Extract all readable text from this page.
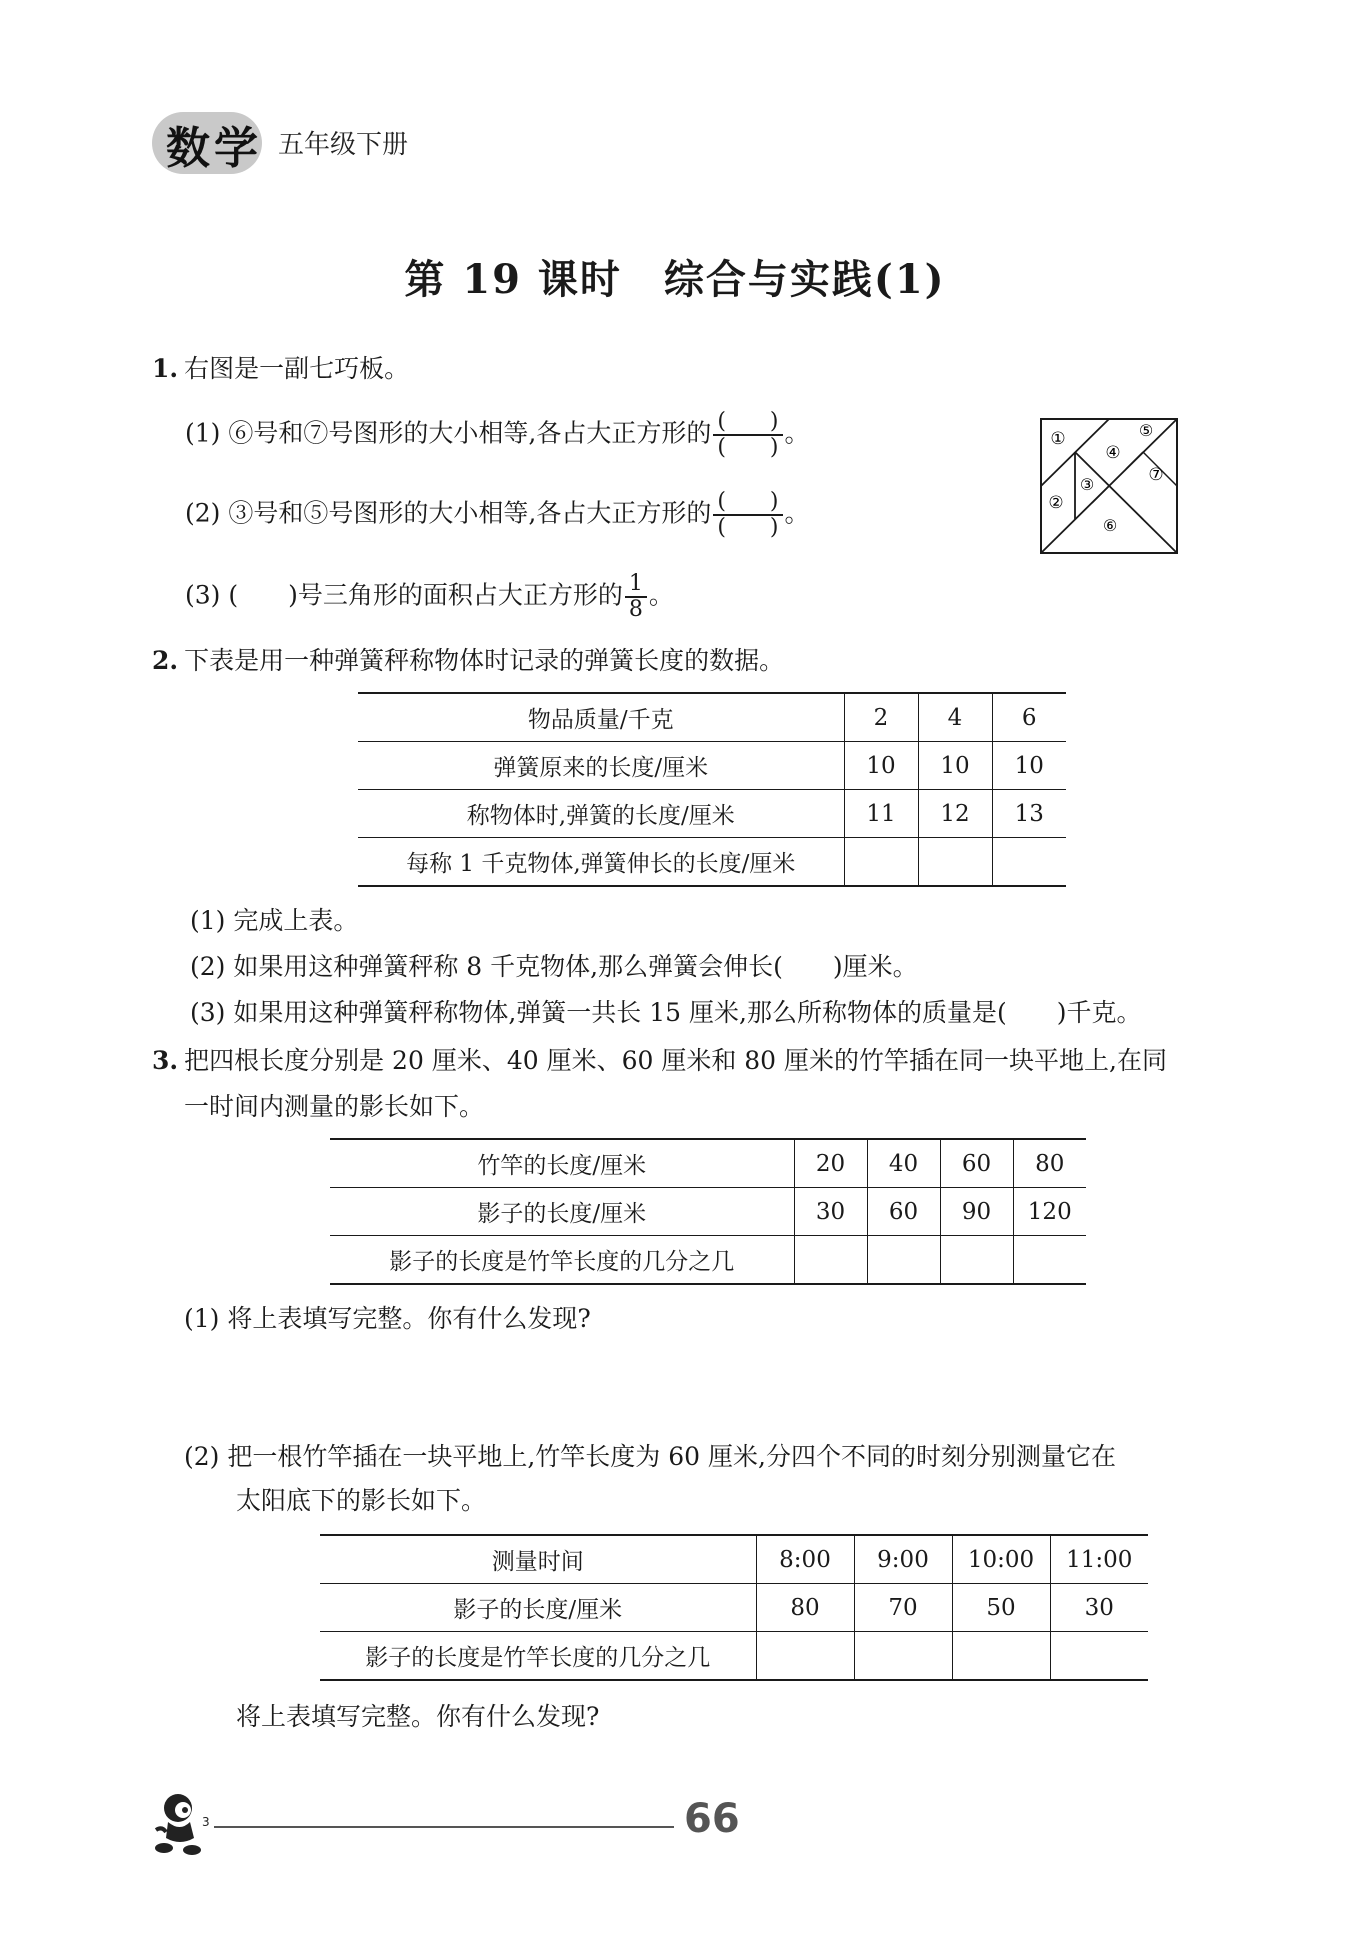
数学 五年级下册
第 19 课时　综合与实践(1)
1. 右图是一副七巧板。
(1) ⑥号和⑦号图形的大小相等,各占大正方形的 $\frac{( )}{( )}$ 。
(2) ③号和⑤号图形的大小相等,各占大正方形的 $\frac{( )}{( )}$ 。
(3) (　　)号三角形的面积占大正方形的 $\frac{1}{8}$ 。
①
②
③
④
⑤
⑥
⑦
2. 下表是用一种弹簧秤称物体时记录的弹簧长度的数据。
物品质量/千克	2	4	6
弹簧原来的长度/厘米	10	10	10
称物体时,弹簧的长度/厘米	11	12	13
每称 1 千克物体,弹簧伸长的长度/厘米			
(1) 完成上表。
(2) 如果用这种弹簧秤称 8 千克物体,那么弹簧会伸长(　　)厘米。
(3) 如果用这种弹簧秤称物体,弹簧一共长 15 厘米,那么所称物体的质量是(　　)千克。
3. 把四根长度分别是 20 厘米、40 厘米、60 厘米和 80 厘米的竹竿插在同一块平地上,在同
一时间内测量的影长如下。
竹竿的长度/厘米	20	40	60	80
影子的长度/厘米	30	60	90	120
影子的长度是竹竿长度的几分之几				
(1) 将上表填写完整。你有什么发现?
(2) 把一根竹竿插在一块平地上,竹竿长度为 60 厘米,分四个不同的时刻分别测量它在
太阳底下的影长如下。
测量时间	8:00	9:00	10:00	11:00
影子的长度/厘米	80	70	50	30
影子的长度是竹竿长度的几分之几				
将上表填写完整。你有什么发现?
3	66
